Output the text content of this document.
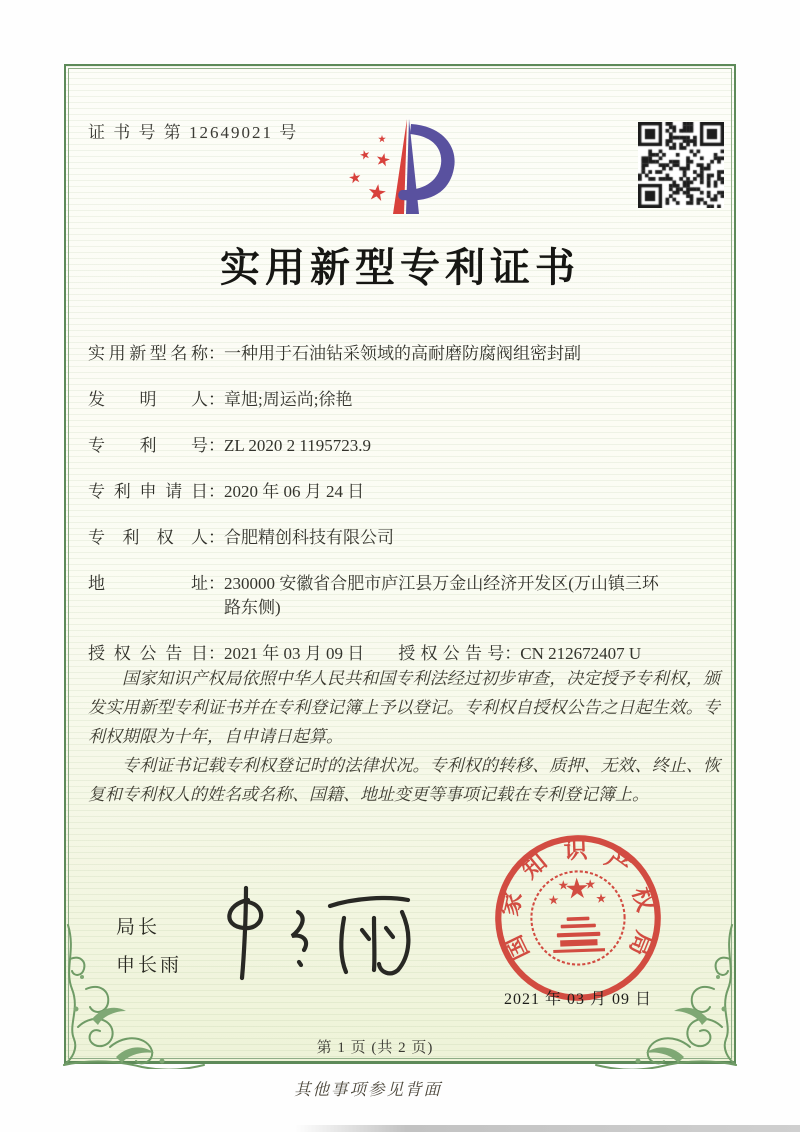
证 书 号 第 12649021 号
实用新型专利证书
实用新型名称 ： 一种用于石油钻采领域的高耐磨防腐阀组密封副
发明人 ： 章旭;周运尚;徐艳
专利号 ： ZL 2020 2 1195723.9
专利申请日 ： 2020 年 06 月 24 日
专利权人 ： 合肥精创科技有限公司
地址 ： 230000 安徽省合肥市庐江县万金山经济开发区(万山镇三环路东侧)
授权公告日 ： 2021 年 03 月 09 日 授权公告号 ： CN 212672407 U

国家知识产权局依照中华人民共和国专利法经过初步审查，决定授予专利权，颁发实用新型专利证书并在专利登记簿上予以登记。专利权自授权公告之日起生效。专利权期限为十年，自申请日起算。

专利证书记载专利权登记时的法律状况。专利权的转移、质押、无效、终止、恢复和专利权人的姓名或名称、国籍、地址变更等事项记载在专利登记簿上。

局长
申长雨
国
家
知 识 产
权
局
2021 年 03 月 09 日
第 1 页 (共 2 页)
其他事项参见背面
